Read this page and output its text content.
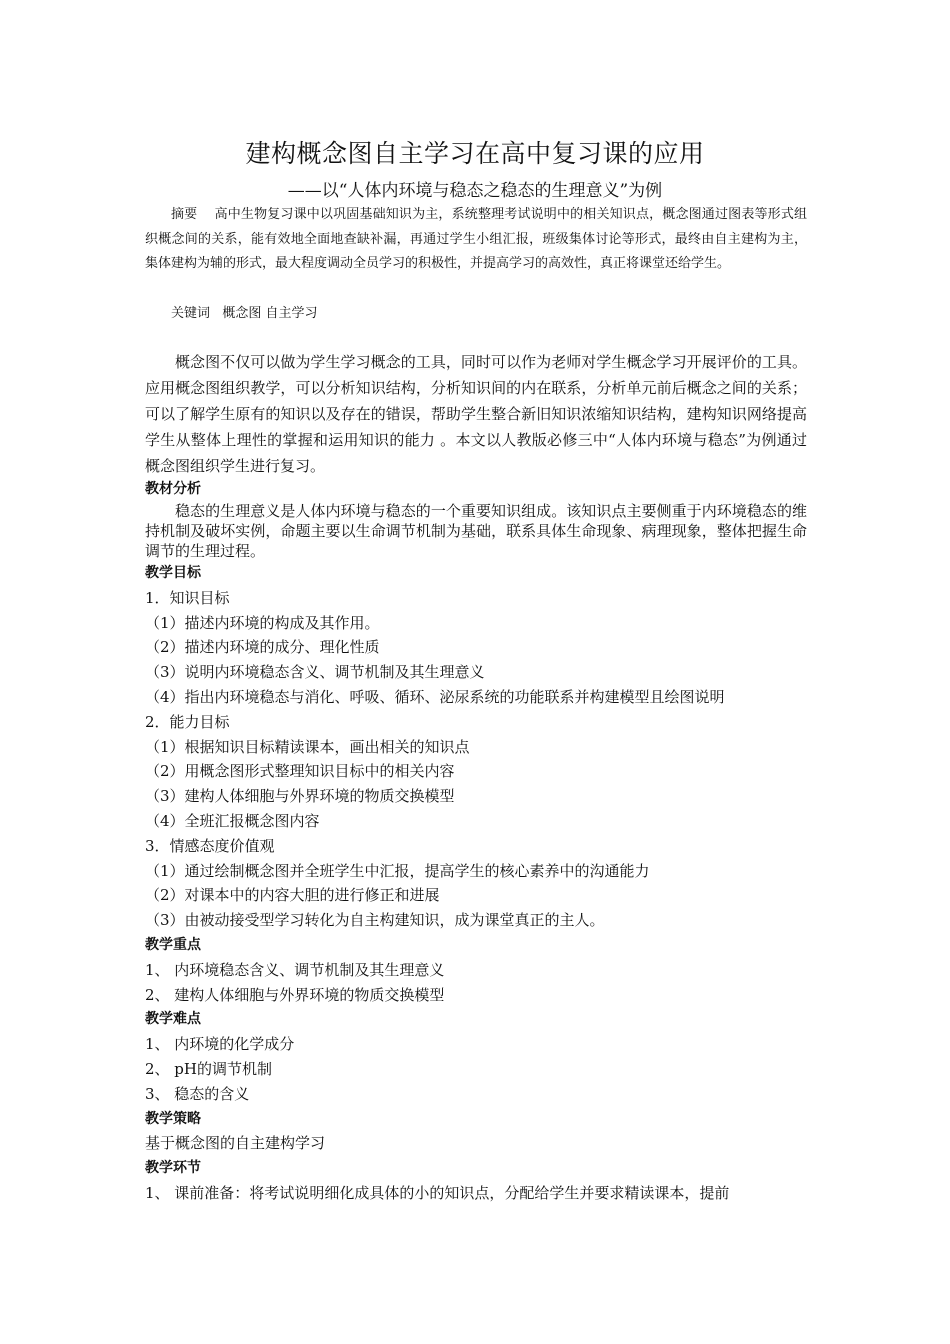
建构概念图自主学习在高中复习课的应用
——以“人体内环境与稳态之稳态的生理意义”为例
摘要 高中生物复习课中以巩固基础知识为主，系统整理考试说明中的相关知识点，概念图通过图表等形式组织概念间的关系，能有效地全面地查缺补漏，再通过学生小组汇报，班级集体讨论等形式，最终由自主建构为主，集体建构为辅的形式，最大程度调动全员学习的积极性，并提高学习的高效性，真正将课堂还给学生。
关键词 概念图 自主学习
概念图不仅可以做为学生学习概念的工具，同时可以作为老师对学生概念学习开展评价的工具。应用概念图组织教学，可以分析知识结构，分析知识间的内在联系，分析单元前后概念之间的关系；可以了解学生原有的知识以及存在的错误，帮助学生整合新旧知识浓缩知识结构，建构知识网络提高学生从整体上理性的掌握和运用知识的能力 。本文以人教版必修三中“人体内环境与稳态”为例通过概念图组织学生进行复习。
教材分析
稳态的生理意义是人体内环境与稳态的一个重要知识组成。该知识点主要侧重于内环境稳态的维持机制及破坏实例，命题主要以生命调节机制为基础，联系具体生命现象、病理现象，整体把握生命调节的生理过程。
教学目标
1．知识目标
（1）描述内环境的构成及其作用。
（2）描述内环境的成分、理化性质
（3）说明内环境稳态含义、调节机制及其生理意义
（4）指出内环境稳态与消化、呼吸、循环、泌尿系统的功能联系并构建模型且绘图说明
2．能力目标
（1）根据知识目标精读课本，画出相关的知识点
（2）用概念图形式整理知识目标中的相关内容
（3）建构人体细胞与外界环境的物质交换模型
（4）全班汇报概念图内容
3．情感态度价值观
（1）通过绘制概念图并全班学生中汇报，提高学生的核心素养中的沟通能力
（2）对课本中的内容大胆的进行修正和进展
（3）由被动接受型学习转化为自主构建知识，成为课堂真正的主人。
教学重点
1、 内环境稳态含义、调节机制及其生理意义
2、 建构人体细胞与外界环境的物质交换模型
教学难点
1、 内环境的化学成分
2、 pH的调节机制
3、 稳态的含义
教学策略
基于概念图的自主建构学习
教学环节
1、 课前准备：将考试说明细化成具体的小的知识点，分配给学生并要求精读课本，提前
